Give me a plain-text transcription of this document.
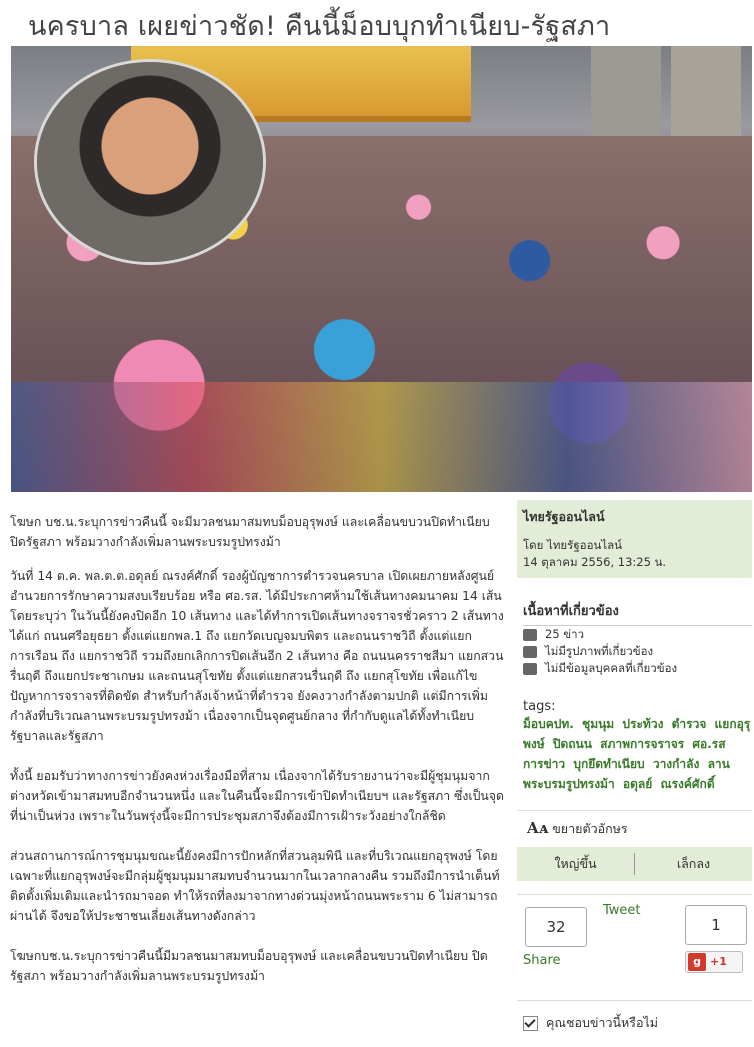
นครบาล เผยข่าวชัด! คืนนี้ม็อบบุกทำเนียบ-รัฐสภา

โฆษก บช.น.ระบุการข่าวคืนนี้ จะมีมวลชนมาสมทบม็อบอุรุพงษ์ และเคลื่อนขบวนปิดทำเนียบ ปิดรัฐสภา พร้อมวางกำลังเพิ่มลานพระบรมรูปทรงม้า

วันที่ 14 ต.ค. พล.ต.ต.อดุลย์ ณรงค์ศักดิ์ รองผู้บัญชาการตำรวจนครบาล เปิดเผยภายหลังศูนย์อำนวยการรักษาความสงบเรียบร้อย หรือ ศอ.รส. ได้มีประกาศห้ามใช้เส้นทางคมนาคม 14 เส้น โดยระบุว่า ในวันนี้ยังคงปิดอีก 10 เส้นทาง และได้ทำการเปิดเส้นทางจราจรชั่วคราว 2 เส้นทาง ได้แก่ ถนนศรีอยุธยา ตั้งแต่แยกพล.1 ถึง แยกวัดเบญจมบพิตร และถนนราชวิถี ตั้งแต่แยกการเรือน ถึง แยกราชวิถี รวมถึงยกเลิกการปิดเส้นอีก 2 เส้นทาง คือ ถนนนครราชสีมา แยกสวนรื่นฤดี ถึงแยกประชาเกษม และถนนสุโขทัย ตั้งแต่แยกสวนรื่นฤดี ถึง แยกสุโขทัย เพื่อแก้ไขปัญหาการจราจรที่ติดขัด สำหรับกำลังเจ้าหน้าที่ตำรวจ ยังคงวางกำลังตามปกติ แต่มีการเพิ่มกำลังที่บริเวณลานพระบรมรูปทรงม้า เนื่องจากเป็นจุดศูนย์กลาง ที่กำกับดูแลได้ทั้งทำเนียบรัฐบาลและรัฐสภา

ทั้งนี้ ยอมรับว่าทางการข่าวยังคงห่วงเรื่องมือที่สาม เนื่องจากได้รับรายงานว่าจะมีผู้ชุมนุมจากต่างหวัดเข้ามาสมทบอีกจำนวนหนึ่ง และในคืนนี้จะมีการเข้าปิดทำเนียบฯ และรัฐสภา ซึ่งเป็นจุดที่น่าเป็นห่วง เพราะในวันพรุ่งนี้จะมีการประชุมสภาจึงต้องมีการเฝ้าระวังอย่างใกล้ชิด

ส่วนสถานการณ์การชุมนุมขณะนี้ยังคงมีการปักหลักที่สวนลุมพินี และที่บริเวณแยกอุรุพงษ์ โดยเฉพาะที่แยกอุรุพงษ์จะมีกลุ่มผู้ชุมนุมมาสมทบจำนวนมากในเวลากลางคืน รวมถึงมีการนำเต็นท์ติดตั้งเพิ่มเติมและนำรถมาจอด ทำให้รถที่ลงมาจากทางด่วนมุ่งหน้าถนนพระราม 6 ไม่สามารถผ่านได้ จึงขอให้ประชาชนเลี่ยงเส้นทางดังกล่าว

โฆษกบช.น.ระบุการข่าวคืนนี้มีมวลชนมาสมทบม็อบอุรุพงษ์ และเคลื่อนขบวนปิดทำเนียบ ปิดรัฐสภา พร้อมวางกำลังเพิ่มลานพระบรมรูปทรงม้า

ไทยรัฐออนไลน์
โดย ไทยรัฐออนไลน์
14 ตุลาคม 2556, 13:25 น.
เนื้อหาที่เกี่ยวข้อง
25 ข่าว
ไม่มีรูปภาพที่เกี่ยวข้อง
ไม่มีข้อมูลบุคคลที่เกี่ยวข้อง
tags:
ม็อบคปท. ชุมนุม ประท้วง ตำรวจ แยกอุรุพงษ์ ปิดถนน สภาพการจราจร ศอ.รส การข่าว บุกยึดทำเนียบ วางกำลัง ลานพระบรมรูปทรงม้า อดุลย์ ณรงค์ศักดิ์
Aᴀ ขยายตัวอักษร
ใหญ่ขึ้น	เล็กลง
32
Share
Tweet
1
g +1
คุณชอบข่าวนี้หรือไม่
